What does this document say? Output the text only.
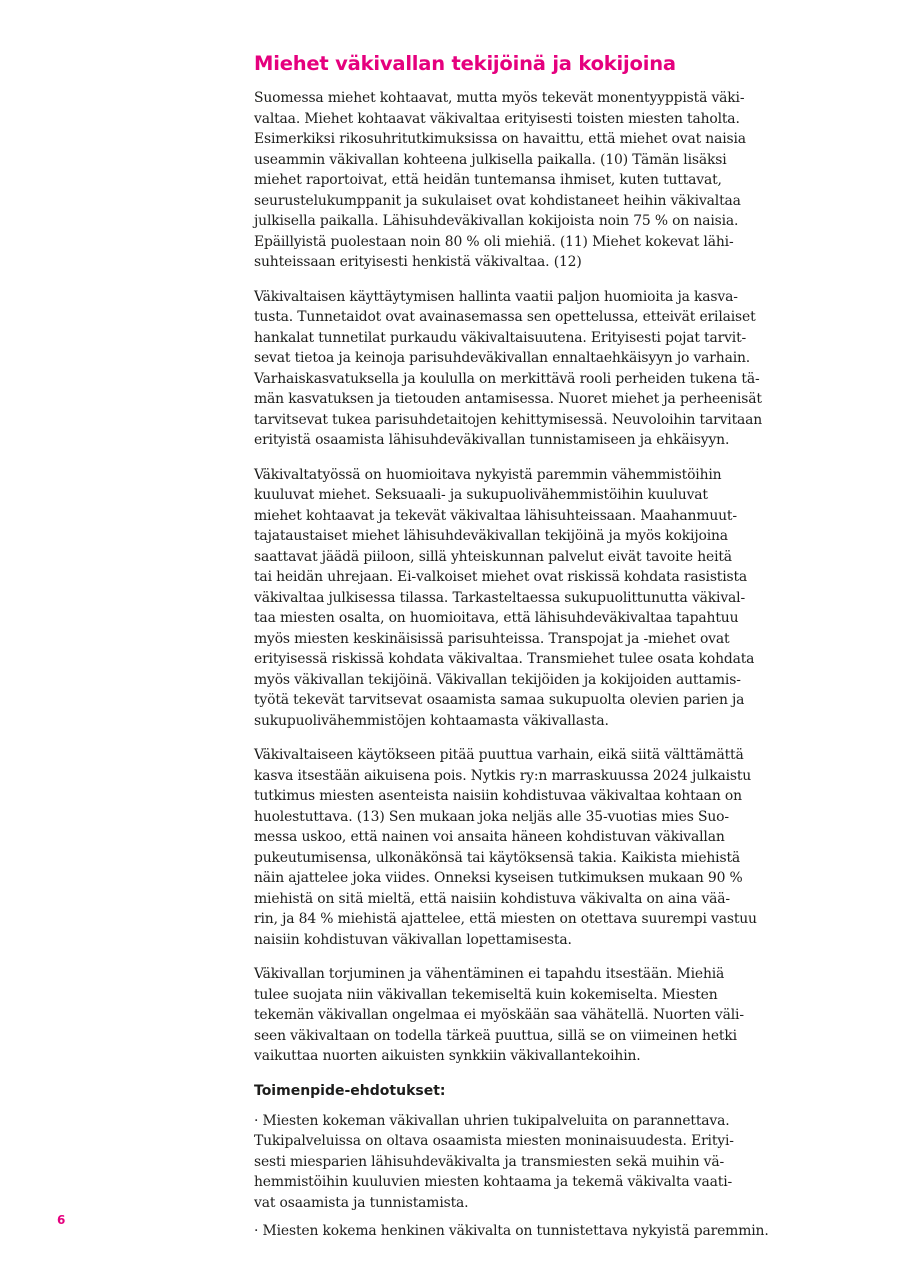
Miehet väkivallan tekijöinä ja kokijoina

Suomessa miehet kohtaavat, mutta myös tekevät monentyyppistä väki-
valtaa. Miehet kohtaavat väkivaltaa erityisesti toisten miesten taholta.
Esimerkiksi rikosuhritutkimuksissa on havaittu, että miehet ovat naisia
useammin väkivallan kohteena julkisella paikalla. (10) Tämän lisäksi
miehet raportoivat, että heidän tuntemansa ihmiset, kuten tuttavat,
seurustelukumppanit ja sukulaiset ovat kohdistaneet heihin väkivaltaa
julkisella paikalla. Lähisuhdeväkivallan kokijoista noin 75 % on naisia.
Epäillyistä puolestaan noin 80 % oli miehiä. (11) Miehet kokevat lähi-
suhteissaan erityisesti henkistä väkivaltaa. (12)

Väkivaltaisen käyttäytymisen hallinta vaatii paljon huomioita ja kasva-
tusta. Tunnetaidot ovat avainasemassa sen opettelussa, etteivät erilaiset
hankalat tunnetilat purkaudu väkivaltaisuutena. Erityisesti pojat tarvit-
sevat tietoa ja keinoja parisuhdeväkivallan ennaltaehkäisyyn jo varhain.
Varhaiskasvatuksella ja koululla on merkittävä rooli perheiden tukena tä-
män kasvatuksen ja tietouden antamisessa. Nuoret miehet ja perheenisät
tarvitsevat tukea parisuhdetaitojen kehittymisessä. Neuvoloihin tarvitaan
erityistä osaamista lähisuhdeväkivallan tunnistamiseen ja ehkäisyyn.

Väkivaltatyössä on huomioitava nykyistä paremmin vähemmistöihin
kuuluvat miehet. Seksuaali- ja sukupuolivähemmistöihin kuuluvat
miehet kohtaavat ja tekevät väkivaltaa lähisuhteissaan. Maahanmuut-
tajataustaiset miehet lähisuhdeväkivallan tekijöinä ja myös kokijoina
saattavat jäädä piiloon, sillä yhteiskunnan palvelut eivät tavoite heitä
tai heidän uhrejaan. Ei-valkoiset miehet ovat riskissä kohdata rasistista
väkivaltaa julkisessa tilassa. Tarkasteltaessa sukupuolittunutta väkival-
taa miesten osalta, on huomioitava, että lähisuhdeväkivaltaa tapahtuu
myös miesten keskinäisissä parisuhteissa. Transpojat ja -miehet ovat
erityisessä riskissä kohdata väkivaltaa. Transmiehet tulee osata kohdata
myös väkivallan tekijöinä. Väkivallan tekijöiden ja kokijoiden auttamis-
työtä tekevät tarvitsevat osaamista samaa sukupuolta olevien parien ja
sukupuolivähemmistöjen kohtaamasta väkivallasta.

Väkivaltaiseen käytökseen pitää puuttua varhain, eikä siitä välttämättä
kasva itsestään aikuisena pois. Nytkis ry:n marraskuussa 2024 julkaistu
tutkimus miesten asenteista naisiin kohdistuvaa väkivaltaa kohtaan on
huolestuttava. (13) Sen mukaan joka neljäs alle 35-vuotias mies Suo-
messa uskoo, että nainen voi ansaita häneen kohdistuvan väkivallan
pukeutumisensa, ulkonäkönsä tai käytöksensä takia. Kaikista miehistä
näin ajattelee joka viides. Onneksi kyseisen tutkimuksen mukaan 90 %
miehistä on sitä mieltä, että naisiin kohdistuva väkivalta on aina vää-
rin, ja 84 % miehistä ajattelee, että miesten on otettava suurempi vastuu
naisiin kohdistuvan väkivallan lopettamisesta.

Väkivallan torjuminen ja vähentäminen ei tapahdu itsestään. Miehiä
tulee suojata niin väkivallan tekemiseltä kuin kokemiselta. Miesten
tekemän väkivallan ongelmaa ei myöskään saa vähätellä. Nuorten väli-
seen väkivaltaan on todella tärkeä puuttua, sillä se on viimeinen hetki
vaikuttaa nuorten aikuisten synkkiin väkivallantekoihin.

Toimenpide-ehdotukset:

· Miesten kokeman väkivallan uhrien tukipalveluita on parannettava.
Tukipalveluissa on oltava osaamista miesten moninaisuudesta. Erityi-
sesti miesparien lähisuhdeväkivalta ja transmiesten sekä muihin vä-
hemmistöihin kuuluvien miesten kohtaama ja tekemä väkivalta vaati-
vat osaamista ja tunnistamista.

· Miesten kokema henkinen väkivalta on tunnistettava nykyistä paremmin.

6
